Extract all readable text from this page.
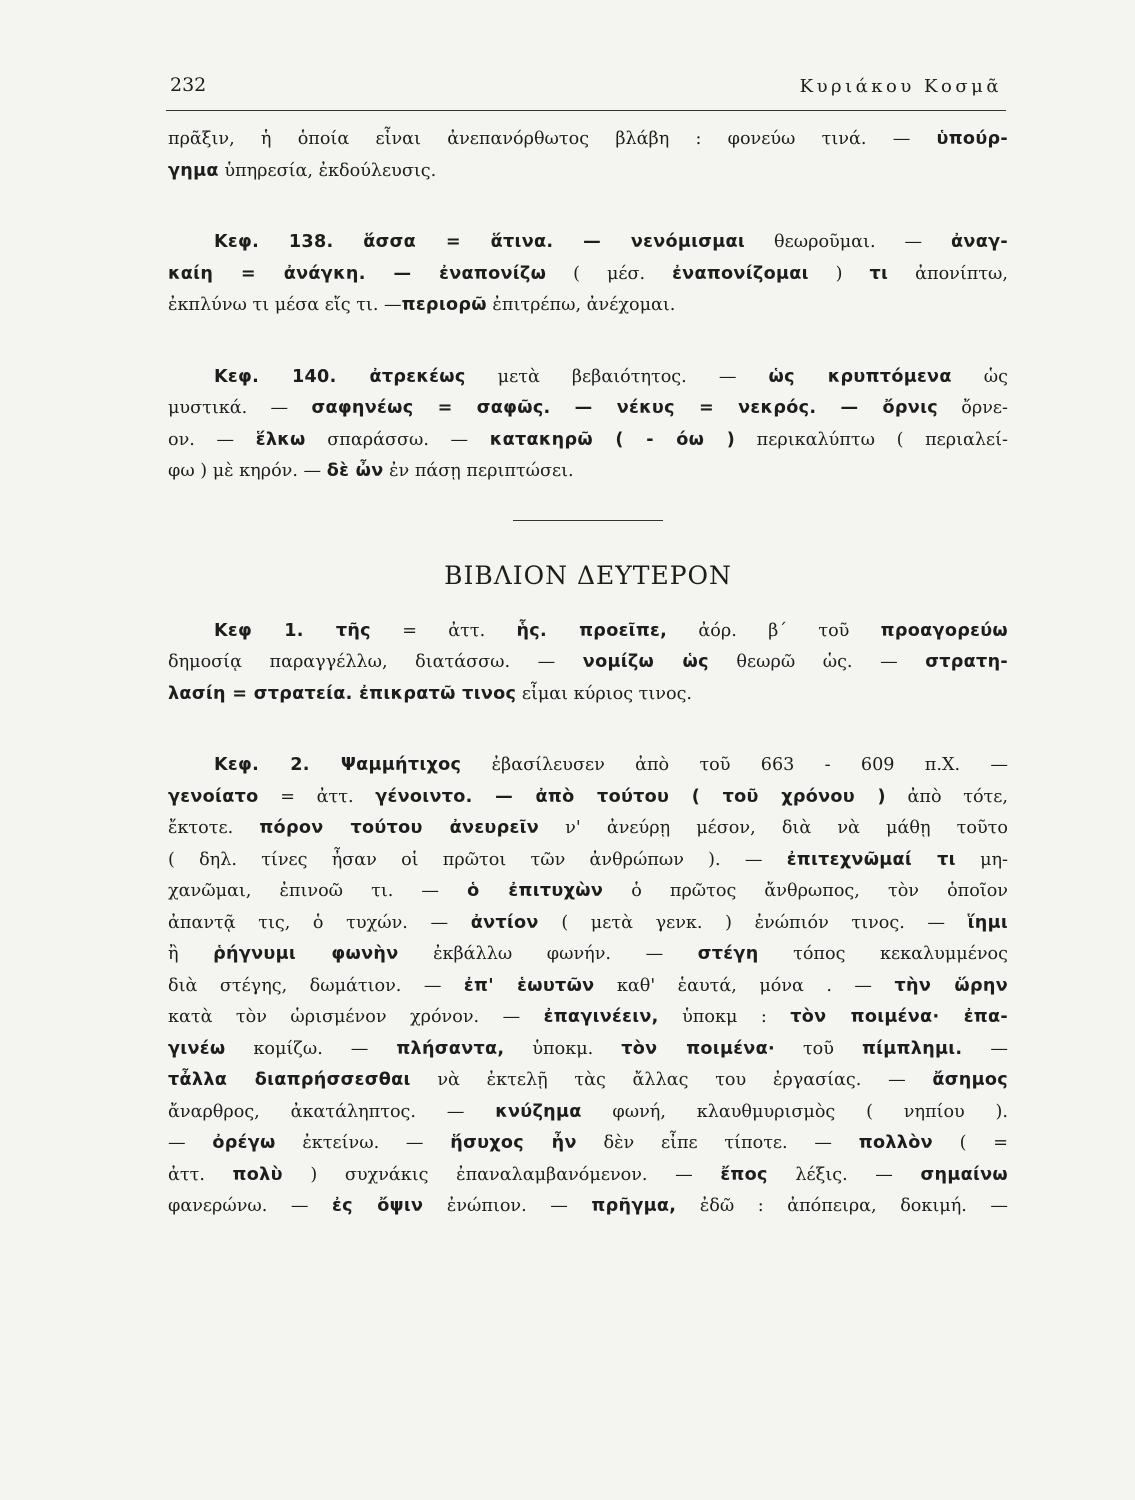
232	Κυριάκου Κοσμᾶ
πρᾶξιν, ἡ ὁποία εἶναι ἀνεπανόρθωτος βλάβη : φονεύω τινά. — ὑπούρ-
γημα ὑπηρεσία, ἐκδούλευσις.
Κεφ. 138. ἅσσα = ἅτινα. — νενόμισμαι θεωροῦμαι. — ἀναγ-
καίη = ἀνάγκη. — ἐναπονίζω ( μέσ. ἐναπονίζομαι ) τι ἀπονίπτω,
ἐκπλύνω τι μέσα εἴς τι. —περιορῶ ἐπιτρέπω, ἀνέχομαι.
Κεφ. 140. ἀτρεκέως μετὰ βεβαιότητος. — ὡς κρυπτόμενα ὡς
μυστικά. — σαφηνέως = σαφῶς. — νέκυς = νεκρός. — ὄρνις ὄρνε-
ον. — ἕλκω σπαράσσω. — κατακηρῶ ( - όω ) περικαλύπτω ( περιαλεί-
φω ) μὲ κηρόν. — δὲ ὦν ἐν πάσῃ περιπτώσει.
ΒΙΒΛΙΟΝ ΔΕΥΤΕΡΟΝ
Κεφ 1. τῆς = ἀττ. ἧς. προεῖπε, ἀόρ. β΄ τοῦ προαγορεύω
δημοσίᾳ παραγγέλλω, διατάσσω. — νομίζω ὡς θεωρῶ ὡς. — στρατη-
λασίη = στρατεία. ἐπικρατῶ τινος εἶμαι κύριος τινος.
Κεφ. 2. Ψαμμήτιχος ἐβασίλευσεν ἀπὸ τοῦ 663 - 609 π.Χ. —
γενοίατο = ἀττ. γένοιντο. — ἀπὸ τούτου ( τοῦ χρόνου ) ἀπὸ τότε,
ἔκτοτε. πόρον τούτου ἀνευρεῖν ν' ἀνεύρῃ μέσον, διὰ νὰ μάθῃ τοῦτο
( δηλ. τίνες ἦσαν οἱ πρῶτοι τῶν ἀνθρώπων ). — ἐπιτεχνῶμαί τι μη-
χανῶμαι, ἐπινοῶ τι. — ὁ ἐπιτυχὼν ὁ πρῶτος ἄνθρωπος, τὸν ὁποῖον
ἀπαντᾷ τις, ὁ τυχών. — ἀντίον ( μετὰ γενκ. ) ἐνώπιόν τινος. — ἵημι
ἢ ῥήγνυμι φωνὴν ἐκβάλλω φωνήν. — στέγη τόπος κεκαλυμμένος
διὰ στέγης, δωμάτιον. — ἐπ' ἑωυτῶν καθ' ἑαυτά, μόνα . — τὴν ὥρην
κατὰ τὸν ὡρισμένον χρόνον. — ἐπαγινέειν, ὑποκμ : τὸν ποιμένα· ἐπα-
γινέω κομίζω. — πλήσαντα, ὑποκμ. τὸν ποιμένα· τοῦ πίμπλημι. —
τἆλλα διαπρήσσεσθαι νὰ ἐκτελῇ τὰς ἄλλας του ἐργασίας. — ἄσημος
ἄναρθρος, ἀκατάληπτος. — κνύζημα φωνή, κλαυθμυρισμὸς ( νηπίου ).
— ὀρέγω ἐκτείνω. — ἥσυχος ἦν δὲν εἶπε τίποτε. — πολλὸν ( =
ἀττ. πολὺ ) συχνάκις ἐπαναλαμβανόμενον. — ἔπος λέξις. — σημαίνω
φανερώνω. — ἐς ὄψιν ἐνώπιον. — πρῆγμα, ἐδῶ : ἀπόπειρα, δοκιμή. —
